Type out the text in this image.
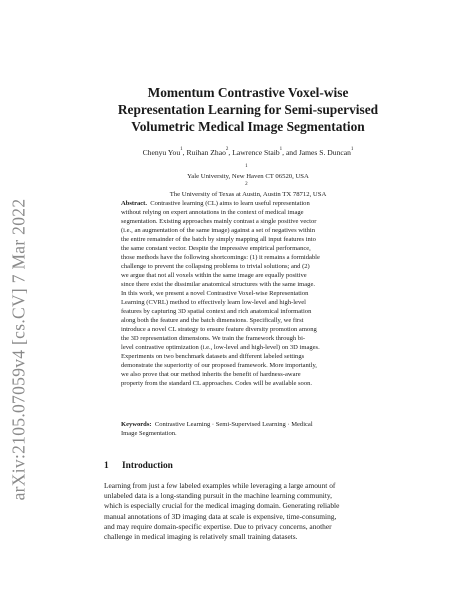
arXiv:2105.07059v4 [cs.CV] 7 Mar 2022
Momentum Contrastive Voxel-wise
Representation Learning for Semi-supervised
Volumetric Medical Image Segmentation
Chenyu You$^1$, Ruihan Zhao$^2$, Lawrence Staib$^1$, and James S. Duncan$^1$
$^1$
Yale University, New Haven CT 06520, USA
$^2$
The University of Texas at Austin, Austin TX 78712, USA
Abstract. Contrastive learning (CL) aims to learn useful representation
without relying on expert annotations in the context of medical image
segmentation. Existing approaches mainly contrast a single positive vector
(i.e., an augmentation of the same image) against a set of negatives within
the entire remainder of the batch by simply mapping all input features into
the same constant vector. Despite the impressive empirical performance,
those methods have the following shortcomings: (1) it remains a formidable
challenge to prevent the collapsing problems to trivial solutions; and (2)
we argue that not all voxels within the same image are equally positive
since there exist the dissimilar anatomical structures with the same image.
In this work, we present a novel Contrastive Voxel-wise Representation
Learning (CVRL) method to effectively learn low-level and high-level
features by capturing 3D spatial context and rich anatomical information
along both the feature and the batch dimensions. Specifically, we first
introduce a novel CL strategy to ensure feature diversity promotion among
the 3D representation dimensions. We train the framework through bi-
level contrastive optimization (i.e., low-level and high-level) on 3D images.
Experiments on two benchmark datasets and different labeled settings
demonstrate the superiority of our proposed framework. More importantly,
we also prove that our method inherits the benefit of hardness-aware
property from the standard CL approaches. Codes will be available soon.
Keywords: Contrastive Learning · Semi-Supervised Learning · Medical
Image Segmentation.
1 Introduction
Learning from just a few labeled examples while leveraging a large amount of
unlabeled data is a long-standing pursuit in the machine learning community,
which is especially crucial for the medical imaging domain. Generating reliable
manual annotations of 3D imaging data at scale is expensive, time-consuming,
and may require domain-specific expertise. Due to privacy concerns, another
challenge in medical imaging is relatively small training datasets.
